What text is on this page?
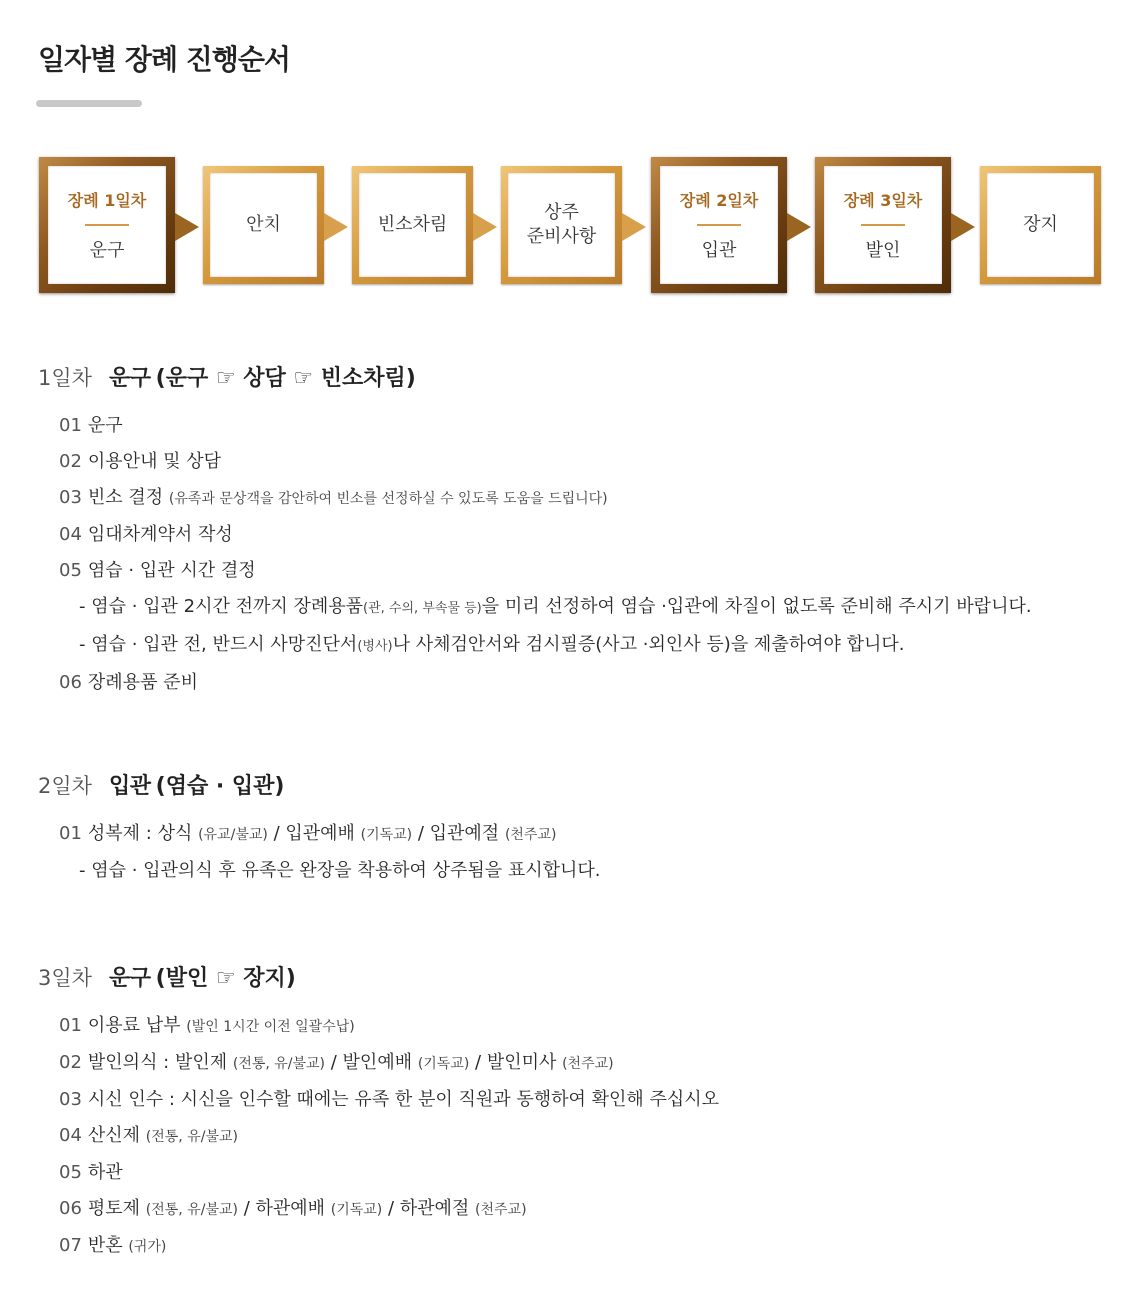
일자별 장례 진행순서
장례 1일차
운구
안치	빈소차림
상주
준비사항
장례 2일차
입관
장례 3일차
발인
장지
1일차 운구 (운구 ☞ 상담 ☞ 빈소차림)
01 운구
02 이용안내 및 상담
03 빈소 결정 (유족과 문상객을 감안하여 빈소를 선정하실 수 있도록 도움을 드립니다)
04 임대차계약서 작성
05 염습 · 입관 시간 결정
- 염습 · 입관 2시간 전까지 장례용품(관, 수의, 부속물 등)을 미리 선정하여 염습 ·입관에 차질이 없도록 준비해 주시기 바랍니다.
- 염습 · 입관 전, 반드시 사망진단서(병사)나 사체검안서와 검시필증(사고 ·외인사 등)을 제출하여야 합니다.
06 장례용품 준비
2일차 입관 (염습 · 입관)
01 성복제 : 상식 (유교/불교) / 입관예배 (기독교) / 입관예절 (천주교)
- 염습 · 입관의식 후 유족은 완장을 착용하여 상주됨을 표시합니다.
3일차 운구 (발인 ☞ 장지)
01 이용료 납부 (발인 1시간 이전 일괄수납)
02 발인의식 : 발인제 (전통, 유/불교) / 발인예배 (기독교) / 발인미사 (천주교)
03 시신 인수 : 시신을 인수할 때에는 유족 한 분이 직원과 동행하여 확인해 주십시오
04 산신제 (전통, 유/불교)
05 하관
06 평토제 (전통, 유/불교) / 하관예배 (기독교) / 하관예절 (천주교)
07 반혼 (귀가)
